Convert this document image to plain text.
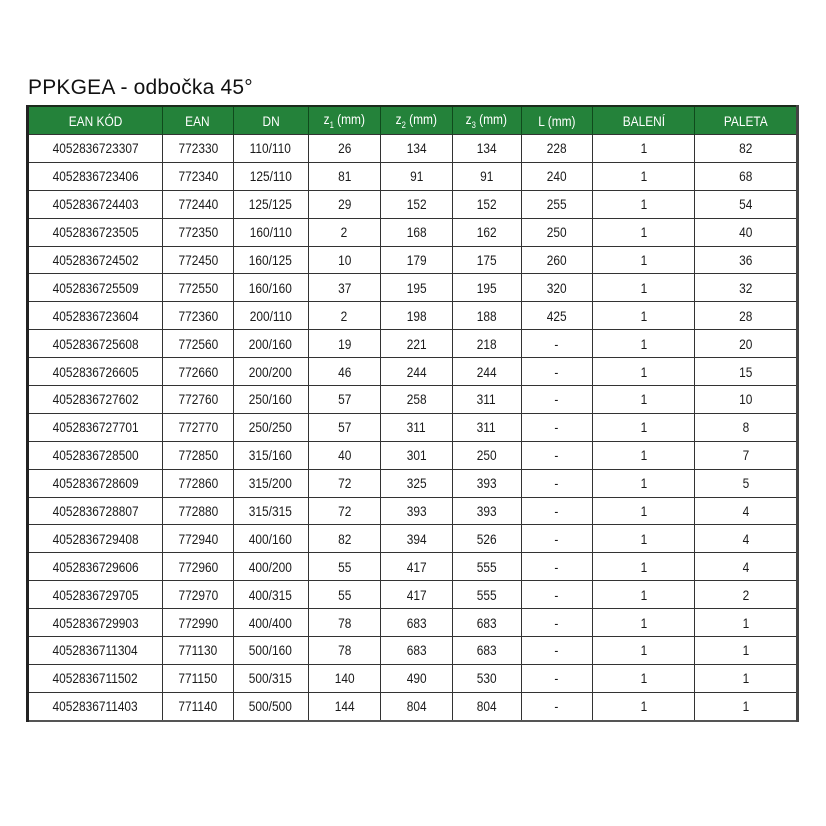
PPKGEA - odbočka 45°
EAN KÓD	EAN	DN	$z_1$ (mm)	$z_2$ (mm)	$z_3$ (mm)	L (mm)	BALENÍ	PALETA
4052836723307	772330	110/110	26	134	134	228	1	82
4052836723406	772340	125/110	81	91	91	240	1	68
4052836724403	772440	125/125	29	152	152	255	1	54
4052836723505	772350	160/110	2	168	162	250	1	40
4052836724502	772450	160/125	10	179	175	260	1	36
4052836725509	772550	160/160	37	195	195	320	1	32
4052836723604	772360	200/110	2	198	188	425	1	28
4052836725608	772560	200/160	19	221	218	-	1	20
4052836726605	772660	200/200	46	244	244	-	1	15
4052836727602	772760	250/160	57	258	311	-	1	10
4052836727701	772770	250/250	57	311	311	-	1	8
4052836728500	772850	315/160	40	301	250	-	1	7
4052836728609	772860	315/200	72	325	393	-	1	5
4052836728807	772880	315/315	72	393	393	-	1	4
4052836729408	772940	400/160	82	394	526	-	1	4
4052836729606	772960	400/200	55	417	555	-	1	4
4052836729705	772970	400/315	55	417	555	-	1	2
4052836729903	772990	400/400	78	683	683	-	1	1
4052836711304	771130	500/160	78	683	683	-	1	1
4052836711502	771150	500/315	140	490	530	-	1	1
4052836711403	771140	500/500	144	804	804	-	1	1
